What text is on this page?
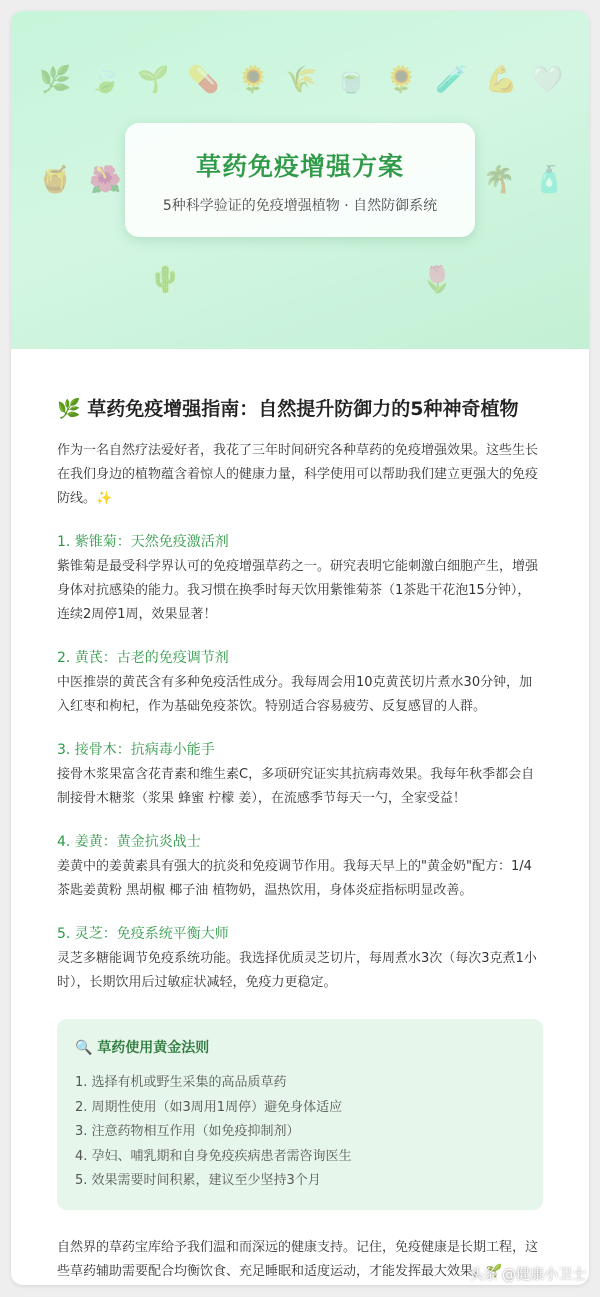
🌿 🍃 🌱 💊 🌻 🌾 🍵 🌻 🧪 💪 🤍
🍯 🌺	🌴 🧴
🌵	🌷
草药免疫增强方案
5种科学验证的免疫增强植物 · 自然防御系统
🌿 草药免疫增强指南：自然提升防御力的5种神奇植物

作为一名自然疗法爱好者，我花了三年时间研究各种草药的免疫增强效果。这些生长在我们身边的植物蕴含着惊人的健康力量，科学使用可以帮助我们建立更强大的免疫防线。✨

1. 紫锥菊：天然免疫激活剂

紫锥菊是最受科学界认可的免疫增强草药之一。研究表明它能刺激白细胞产生，增强身体对抗感染的能力。我习惯在换季时每天饮用紫锥菊茶（1茶匙干花泡15分钟），连续2周停1周，效果显著！

2. 黄芪：古老的免疫调节剂

中医推崇的黄芪含有多种免疫活性成分。我每周会用10克黄芪切片煮水30分钟，加入红枣和枸杞，作为基础免疫茶饮。特别适合容易疲劳、反复感冒的人群。

3. 接骨木：抗病毒小能手

接骨木浆果富含花青素和维生素C，多项研究证实其抗病毒效果。我每年秋季都会自制接骨木糖浆（浆果 蜂蜜 柠檬 姜），在流感季节每天一勺，全家受益！

4. 姜黄：黄金抗炎战士

姜黄中的姜黄素具有强大的抗炎和免疫调节作用。我每天早上的"黄金奶"配方：1/4茶匙姜黄粉 黑胡椒 椰子油 植物奶，温热饮用，身体炎症指标明显改善。

5. 灵芝：免疫系统平衡大师

灵芝多糖能调节免疫系统功能。我选择优质灵芝切片，每周煮水3次（每次3克煮1小时），长期饮用后过敏症状减轻，免疫力更稳定。

🔍 草药使用黄金法则
1. 选择有机或野生采集的高品质草药
2. 周期性使用（如3周用1周停）避免身体适应
3. 注意药物相互作用（如免疫抑制剂）
4. 孕妇、哺乳期和自身免疫疾病患者需咨询医生
5. 效果需要时间积累，建议至少坚持3个月

自然界的草药宝库给予我们温和而深远的健康支持。记住，免疫健康是长期工程，这些草药辅助需要配合均衡饮食、充足睡眠和适度运动，才能发挥最大效果。🌱

头条 @健康小卫士
